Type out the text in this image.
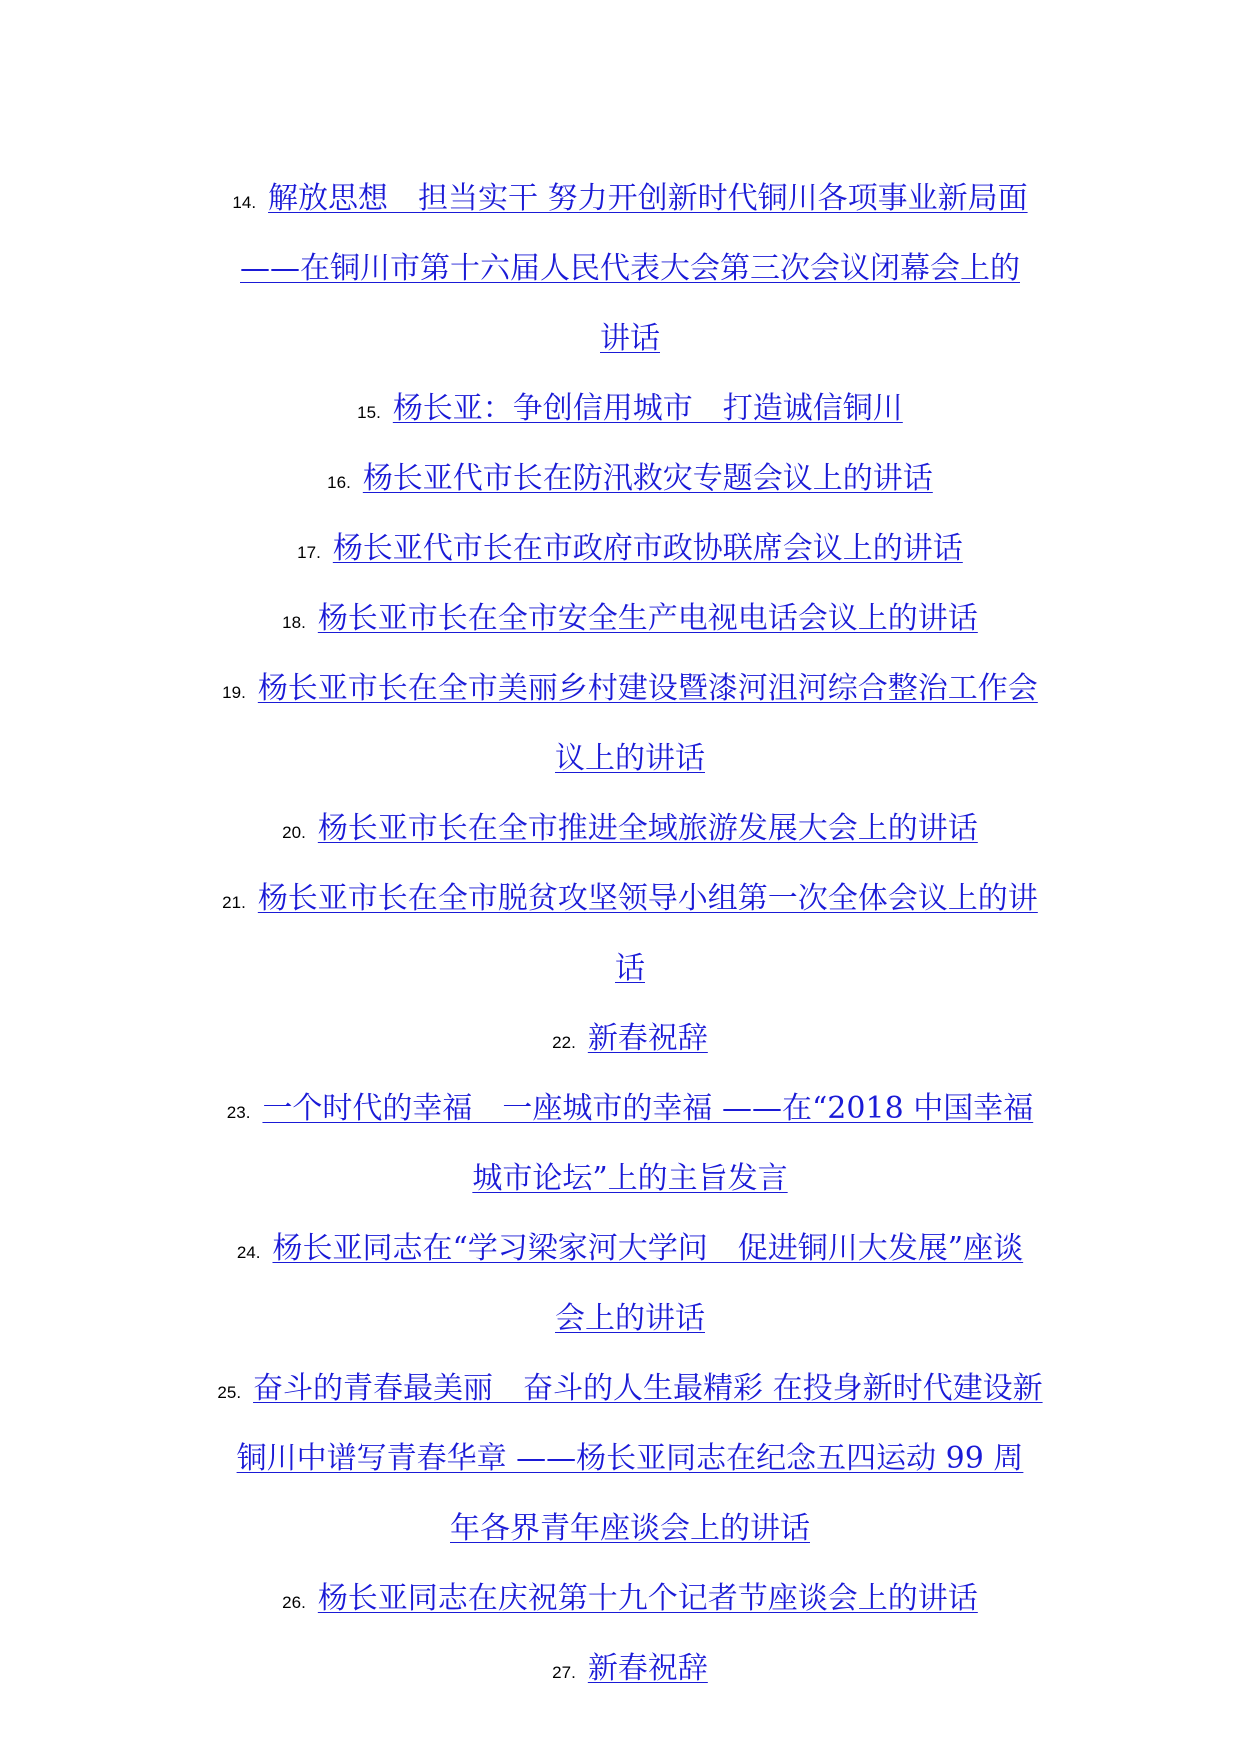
14. 解放思想　担当实干 努力开创新时代铜川各项事业新局面
——在铜川市第十六届人民代表大会第三次会议闭幕会上的
讲话
15. 杨长亚：争创信用城市　打造诚信铜川
16. 杨长亚代市长在防汛救灾专题会议上的讲话
17. 杨长亚代市长在市政府市政协联席会议上的讲话
18. 杨长亚市长在全市安全生产电视电话会议上的讲话
19. 杨长亚市长在全市美丽乡村建设暨漆河沮河综合整治工作会
议上的讲话
20. 杨长亚市长在全市推进全域旅游发展大会上的讲话
21. 杨长亚市长在全市脱贫攻坚领导小组第一次全体会议上的讲
话
22. 新春祝辞
23. 一个时代的幸福　一座城市的幸福 ——在“2018 中国幸福
城市论坛”上的主旨发言
24. 杨长亚同志在“学习梁家河大学问　促进铜川大发展”座谈
会上的讲话
25. 奋斗的青春最美丽　奋斗的人生最精彩 在投身新时代建设新
铜川中谱写青春华章 ——杨长亚同志在纪念五四运动 99 周
年各界青年座谈会上的讲话
26. 杨长亚同志在庆祝第十九个记者节座谈会上的讲话
27. 新春祝辞
